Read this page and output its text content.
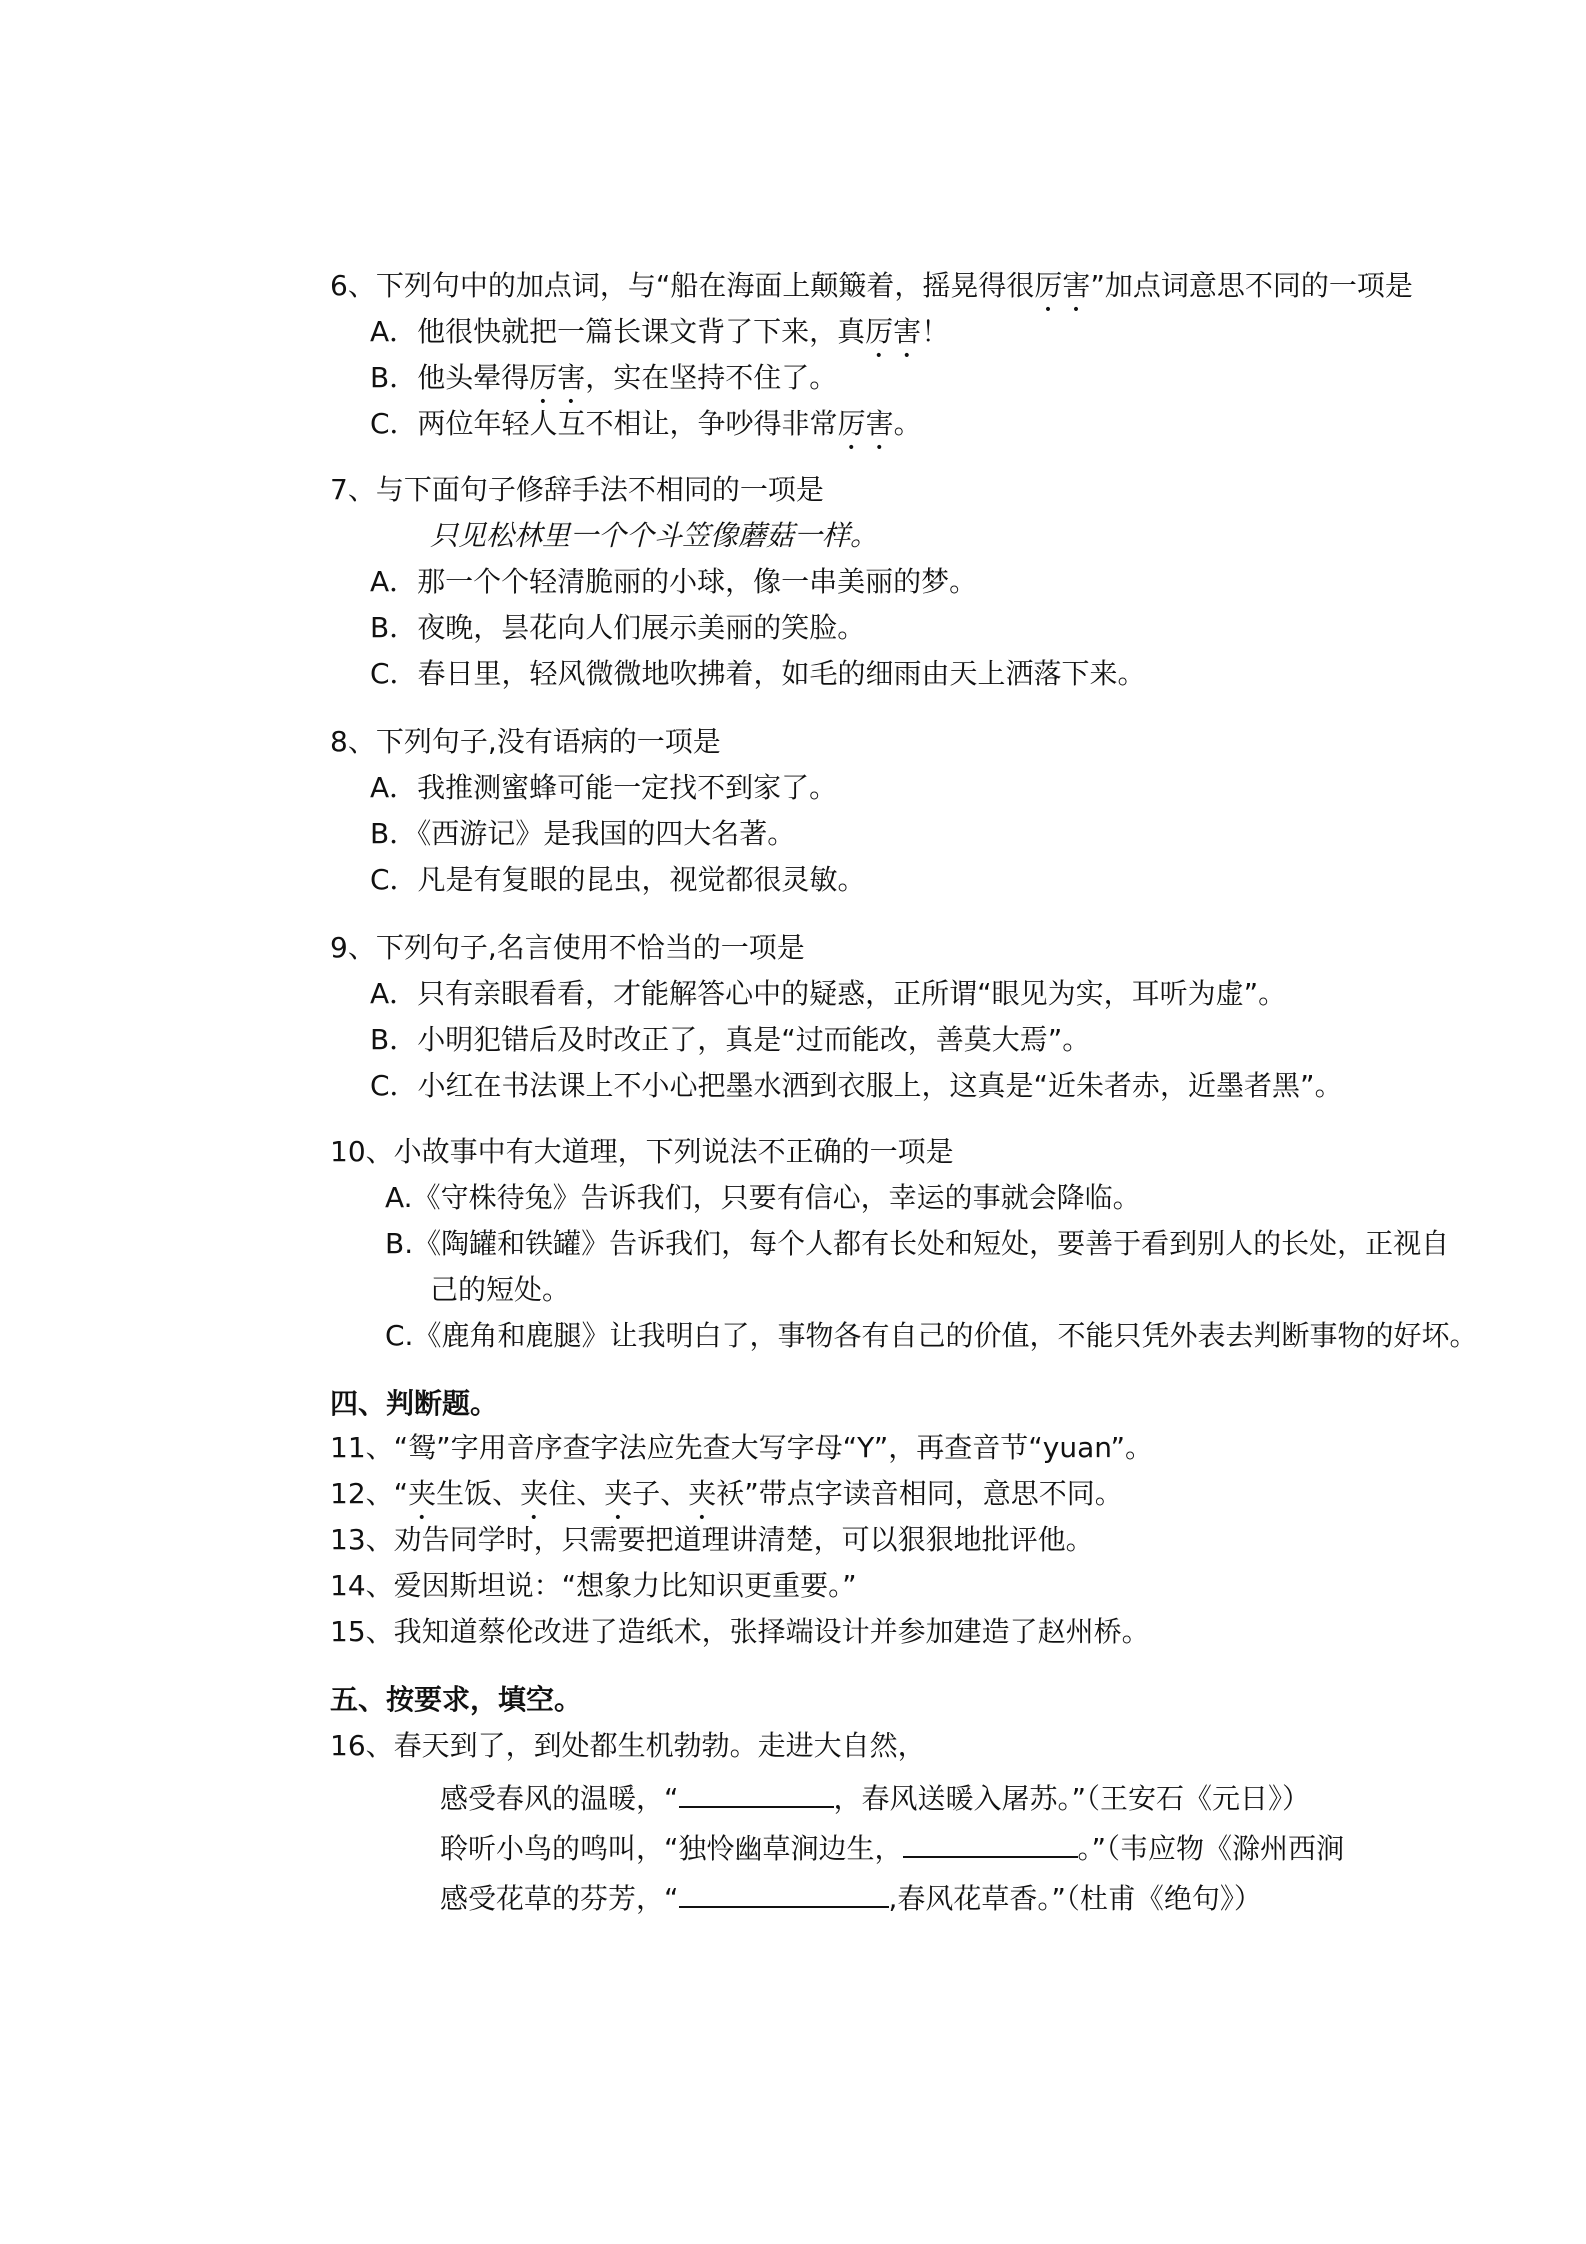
6、下列句中的加点词，与“船在海面上颠簸着，摇晃得很厉害”加点词意思不同的一项是
A．他很快就把一篇长课文背了下来，真厉害！
B．他头晕得厉害，实在坚持不住了。
C．两位年轻人互不相让，争吵得非常厉害。
7、与下面句子修辞手法不相同的一项是
只见松林里一个个斗笠像蘑菇一样。
A．那一个个轻清脆丽的小球，像一串美丽的梦。
B．夜晚，昙花向人们展示美丽的笑脸。
C．春日里，轻风微微地吹拂着，如毛的细雨由天上洒落下来。
8、下列句子,没有语病的一项是
A．我推测蜜蜂可能一定找不到家了。
B．《西游记》是我国的四大名著。
C．凡是有复眼的昆虫，视觉都很灵敏。
9、下列句子,名言使用不恰当的一项是
A．只有亲眼看看，才能解答心中的疑惑，正所谓“眼见为实，耳听为虚”。
B．小明犯错后及时改正了，真是“过而能改，善莫大焉”。
C．小红在书法课上不小心把墨水洒到衣服上，这真是“近朱者赤，近墨者黑”。
10、小故事中有大道理，下列说法不正确的一项是
A.《守株待兔》告诉我们，只要有信心，幸运的事就会降临。
B.《陶罐和铁罐》告诉我们，每个人都有长处和短处，要善于看到别人的长处，正视自
己的短处。
C.《鹿角和鹿腿》让我明白了，事物各有自己的价值，不能只凭外表去判断事物的好坏。
四、判断题。
11、“鸳”字用音序查字法应先查大写字母“Y”，再查音节“yuan”。
12、“夹生饭、夹住、夹子、夹袄”带点字读音相同，意思不同。
13、劝告同学时，只需要把道理讲清楚，可以狠狠地批评他。
14、爱因斯坦说：“想象力比知识更重要。”
15、我知道蔡伦改进了造纸术，张择端设计并参加建造了赵州桥。
五、按要求，填空。
16、春天到了，到处都生机勃勃。走进大自然，
感受春风的温暖，“	，春风送暖入屠苏。”（王安石《元日》）
聆听小鸟的鸣叫，“独怜幽草涧边生，	。”（韦应物《滁州西涧
感受花草的芬芳，“	,春风花草香。”（杜甫《绝句》）
